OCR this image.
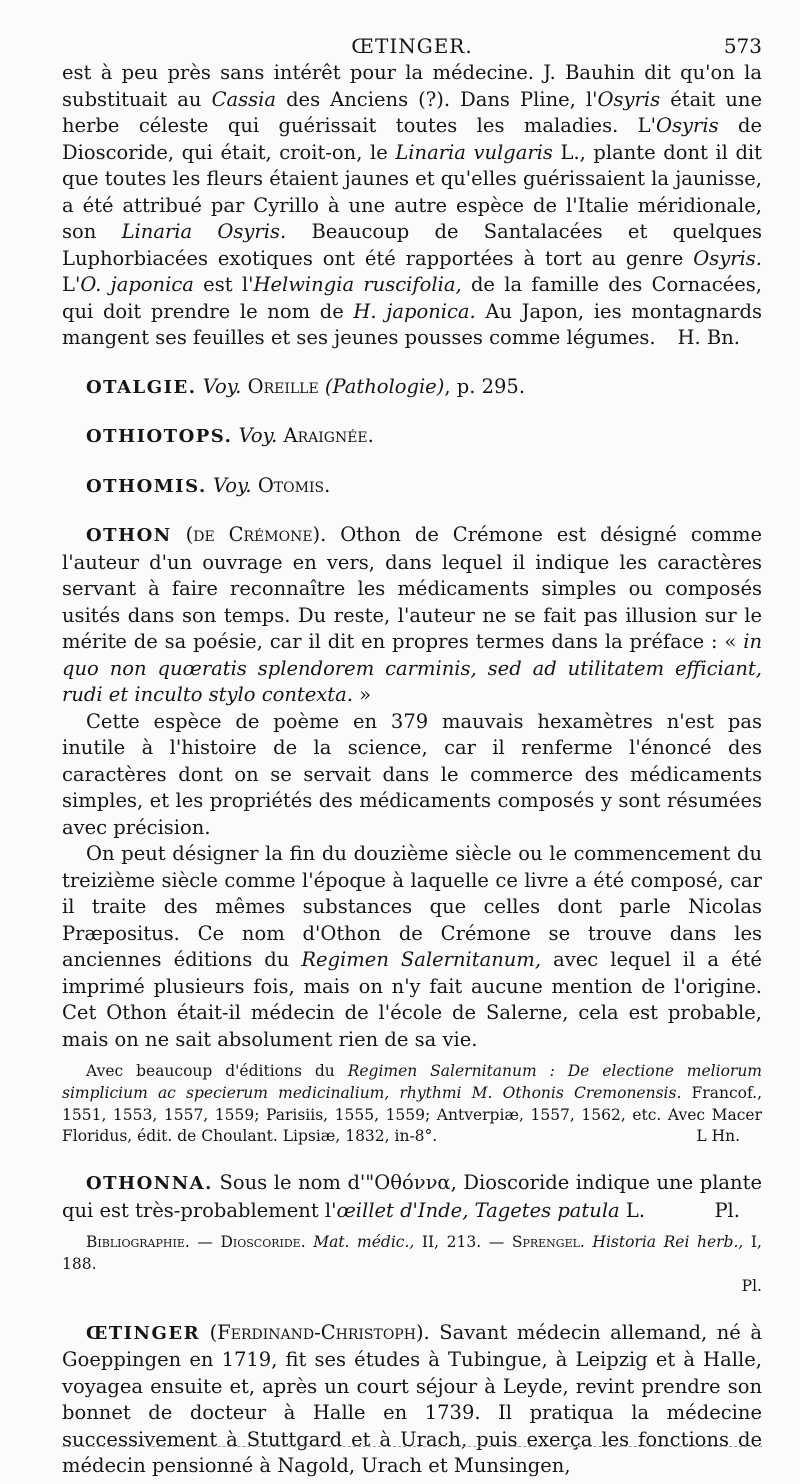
ŒTINGER.	573

est à peu près sans intérêt pour la médecine. J. Bauhin dit qu'on la substituait au Cassia des Anciens (?). Dans Pline, l'Osyris était une herbe céleste qui guérissait toutes les maladies. L'Osyris de Dioscoride, qui était, croit-on, le Linaria vulgaris L., plante dont il dit que toutes les fleurs étaient jaunes et qu'elles guérissaient la jaunisse, a été attribué par Cyrillo à une autre espèce de l'Italie méridionale, son Linaria Osyris. Beaucoup de Santalacées et quelques Luphorbiacées exotiques ont été rapportées à tort au genre Osyris. L'O. japonica est l'Helwingia ruscifolia, de la famille des Cornacées, qui doit prendre le nom de H. japonica. Au Japon, ies montagnards mangent ses feuilles et ses jeunes pousses comme légumes. H. Bn.

OTALGIE. Voy. Oreille (Pathologie), p. 295.

OTHIOTOPS. Voy. Araignée.

OTHOMIS. Voy. Otomis.

OTHON (de Crémone). Othon de Crémone est désigné comme l'auteur d'un ouvrage en vers, dans lequel il indique les caractères servant à faire reconnaître les médicaments simples ou composés usités dans son temps. Du reste, l'auteur ne se fait pas illusion sur le mérite de sa poésie, car il dit en propres termes dans la préface : « in quo non quœratis splendorem carminis, sed ad utilitatem efficiant, rudi et inculto stylo contexta. »

Cette espèce de poème en 379 mauvais hexamètres n'est pas inutile à l'histoire de la science, car il renferme l'énoncé des caractères dont on se servait dans le commerce des médicaments simples, et les propriétés des médicaments composés y sont résumées avec précision.

On peut désigner la fin du douzième siècle ou le commencement du treizième siècle comme l'époque à laquelle ce livre a été composé, car il traite des mêmes substances que celles dont parle Nicolas Præpositus. Ce nom d'Othon de Crémone se trouve dans les anciennes éditions du Regimen Salernitanum, avec lequel il a été imprimé plusieurs fois, mais on n'y fait aucune mention de l'origine. Cet Othon était-il médecin de l'école de Salerne, cela est probable, mais on ne sait absolument rien de sa vie.

Avec beaucoup d'éditions du Regimen Salernitanum : De electione meliorum simplicium ac specierum medicinalium, rhythmi M. Othonis Cremonensis. Francof., 1551, 1553, 1557, 1559; Parisiis, 1555, 1559; Antverpiæ, 1557, 1562, etc. Avec Macer Floridus, édit. de Choulant. Lipsiæ, 1832, in-8°.	L Hn.

OTHONNA. Sous le nom d'"Οθόννα, Dioscoride indique une plante qui est très-probablement l'œillet d'Inde, Tagetes patula L.	Pl.

Bibliographie. — Dioscoride. Mat. médic., II, 213. — Sprengel. Historia Rei herb., I, 188.

Pl.

ŒTINGER (Ferdinand-Christoph). Savant médecin allemand, né à Goeppingen en 1719, fit ses études à Tubingue, à Leipzig et à Halle, voyagea ensuite et, après un court séjour à Leyde, revint prendre son bonnet de docteur à Halle en 1739. Il pratiqua la médecine successivement à Stuttgard et à Urach, puis exerça les fonctions de médecin pensionné à Nagold, Urach et Munsingen,
